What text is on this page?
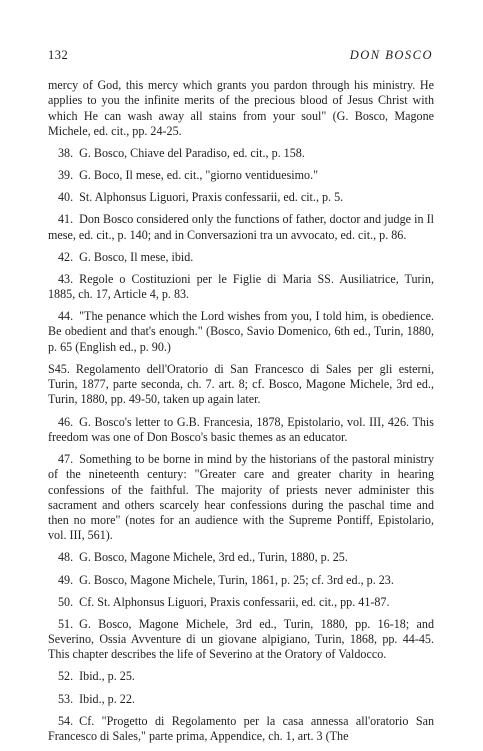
132	DON BOSCO

mercy of God, this mercy which grants you pardon through his ministry. He applies to you the infinite merits of the precious blood of Jesus Christ with which He can wash away all stains from your soul" (G. Bosco, Magone Michele, ed. cit., pp. 24-25.

38. G. Bosco, Chiave del Paradiso, ed. cit., p. 158.

39. G. Boco, Il mese, ed. cit., "giorno ventiduesimo."

40. St. Alphonsus Liguori, Praxis confessarii, ed. cit., p. 5.

41. Don Bosco considered only the functions of father, doctor and judge in Il mese, ed. cit., p. 140; and in Conversazioni tra un avvocato, ed. cit., p. 86.

42. G. Bosco, Il mese, ibid.

43. Regole o Costituzioni per le Figlie di Maria SS. Ausiliatrice, Turin, 1885, ch. 17, Article 4, p. 83.

44. "The penance which the Lord wishes from you, I told him, is obedience. Be obedient and that's enough." (Bosco, Savio Domenico, 6th ed., Turin, 1880, p. 65 (English ed., p. 90.)

S45. Regolamento dell'Oratorio di San Francesco di Sales per gli esterni, Turin, 1877, parte seconda, ch. 7. art. 8; cf. Bosco, Magone Michele, 3rd ed., Turin, 1880, pp. 49-50, taken up again later.

46. G. Bosco's letter to G.B. Francesia, 1878, Epistolario, vol. III, 426. This freedom was one of Don Bosco's basic themes as an educator.

47. Something to be borne in mind by the historians of the pastoral ministry of the nineteenth century: "Greater care and greater charity in hearing confessions of the faithful. The majority of priests never administer this sacrament and others scarcely hear confessions during the paschal time and then no more" (notes for an audience with the Supreme Pontiff, Epistolario, vol. III, 561).

48. G. Bosco, Magone Michele, 3rd ed., Turin, 1880, p. 25.

49. G. Bosco, Magone Michele, Turin, 1861, p. 25; cf. 3rd ed., p. 23.

50. Cf. St. Alphonsus Liguori, Praxis confessarii, ed. cit., pp. 41-87.

51. G. Bosco, Magone Michele, 3rd ed., Turin, 1880, pp. 16-18; and Severino, Ossia Avventure di un giovane alpigiano, Turin, 1868, pp. 44-45. This chapter describes the life of Severino at the Oratory of Valdocco.

52. Ibid., p. 25.

53. Ibid., p. 22.

54. Cf. "Progetto di Regolamento per la casa annessa all'oratorio San Francesco di Sales," parte prima, Appendice, ch. 1, art. 3 (The
